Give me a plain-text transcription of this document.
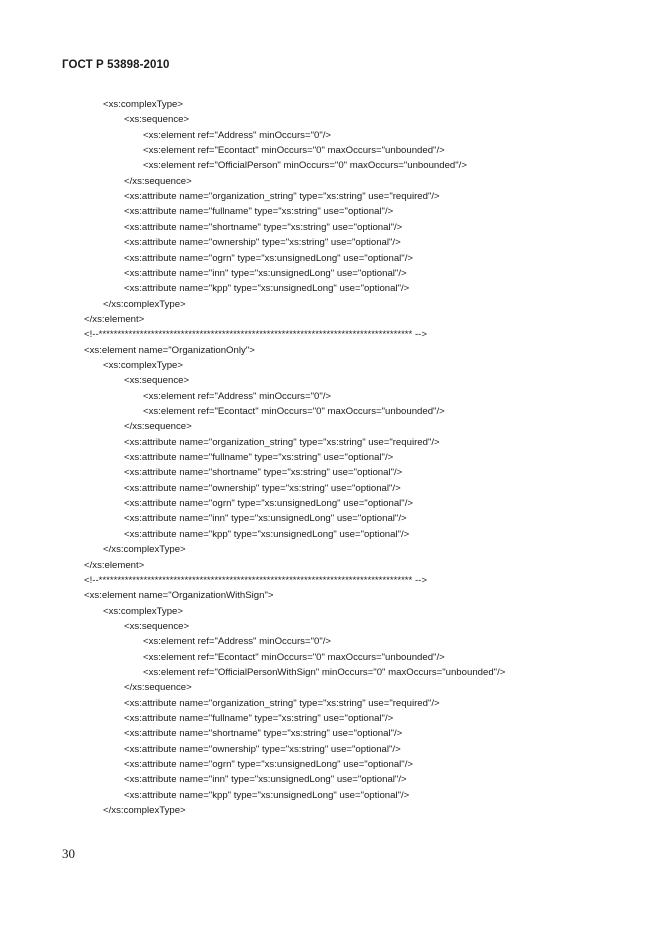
ГОСТ Р 53898-2010
<xs:complexType>
<xs:sequence>
<xs:element ref="Address" minOccurs="0"/>
<xs:element ref="Econtact" minOccurs="0" maxOccurs="unbounded"/>
<xs:element ref="OfficialPerson" minOccurs="0" maxOccurs="unbounded"/>
</xs:sequence>
<xs:attribute name="organization_string" type="xs:string" use="required"/>
<xs:attribute name="fullname" type="xs:string" use="optional"/>
<xs:attribute name="shortname" type="xs:string" use="optional"/>
<xs:attribute name="ownership" type="xs:string" use="optional"/>
<xs:attribute name="ogrn" type="xs:unsignedLong" use="optional"/>
<xs:attribute name="inn" type="xs:unsignedLong" use="optional"/>
<xs:attribute name="kpp" type="xs:unsignedLong" use="optional"/>
</xs:complexType>
</xs:element>
<!--************************************************************************************ -->
<xs:element name="OrganizationOnly">
<xs:complexType>
<xs:sequence>
<xs:element ref="Address" minOccurs="0"/>
<xs:element ref="Econtact" minOccurs="0" maxOccurs="unbounded"/>
</xs:sequence>
<xs:attribute name="organization_string" type="xs:string" use="required"/>
<xs:attribute name="fullname" type="xs:string" use="optional"/>
<xs:attribute name="shortname" type="xs:string" use="optional"/>
<xs:attribute name="ownership" type="xs:string" use="optional"/>
<xs:attribute name="ogrn" type="xs:unsignedLong" use="optional"/>
<xs:attribute name="inn" type="xs:unsignedLong" use="optional"/>
<xs:attribute name="kpp" type="xs:unsignedLong" use="optional"/>
</xs:complexType>
</xs:element>
<!--************************************************************************************ -->
<xs:element name="OrganizationWithSign">
<xs:complexType>
<xs:sequence>
<xs:element ref="Address" minOccurs="0"/>
<xs:element ref="Econtact" minOccurs="0" maxOccurs="unbounded"/>
<xs:element ref="OfficialPersonWithSign" minOccurs="0" maxOccurs="unbounded"/>
</xs:sequence>
<xs:attribute name="organization_string" type="xs:string" use="required"/>
<xs:attribute name="fullname" type="xs:string" use="optional"/>
<xs:attribute name="shortname" type="xs:string" use="optional"/>
<xs:attribute name="ownership" type="xs:string" use="optional"/>
<xs:attribute name="ogrn" type="xs:unsignedLong" use="optional"/>
<xs:attribute name="inn" type="xs:unsignedLong" use="optional"/>
<xs:attribute name="kpp" type="xs:unsignedLong" use="optional"/>
</xs:complexType>
30
